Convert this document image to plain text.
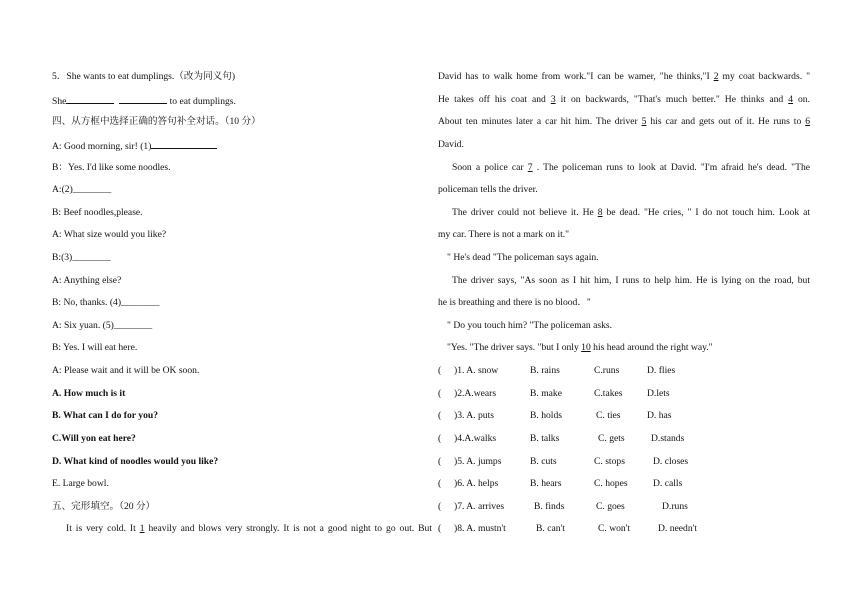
5．She wants to eat dumplings.（改为同义句)
She	to eat dumplings.
四、从方框中选择正确的答句补全对话。（10 分）
A: Good morning, sir! (1)
B：Yes. I'd like some noodles.
A:(2)________
B: Beef noodles,please.
A: What size would you like?
B:(3)________
A: Anything else?
B: No, thanks. (4)________
A: Six yuan. (5)________
B: Yes. I will eat here.
A: Please wait and it will be OK soon.
A. How much is it
B. What can I do for you?
C.Will yon eat here?
D. What kind of noodles would you like?
E. Large bowl.
五、完形填空。（20 分）
It is very cold. It 1 heavily and blows very strongly. It is not a good night to go out. But
David has to walk home from work."I can be wamer, "he thinks,"I 2 my coat backwards. "
He takes off his coat and 3 it on backwards, "That's much better." He thinks and 4 on.
About ten minutes later a car hit him. The driver 5 his car and gets out of it. He runs to 6
David.
Soon a police car 7 . The policeman runs to look at David. "I'm afraid he's dead. "The
policeman tells the driver.
The driver could not believe it. He 8 be dead. "He cries, " I do not touch him. Look at
my car. There is not a mark on it."
" He's dead "The policeman says again.
The driver says, "As soon as I hit him, I runs to help him. He is lying on the road, but
he is breathing and there is no blood．"
" Do you touch him? "The policeman asks.
"Yes. "The driver says. "but I only 10 his head around the right way."
( )1. A. snow	B. rains	C.runs	D. flies
( )2.A.wears	B. make	C.takes	D.lets
( )3. A. puts	B. holds	C. ties	D. has
( )4.A.walks	B. talks	C. gets	D.stands
( )5. A. jumps	B. cuts	C. stops	D. closes
( )6. A. helps	B. hears	C. hopes	D. calls
( )7. A. arrives	B. finds	C. goes	D.runs
( )8. A. mustn't	B. can't	C. won't	D. needn't
